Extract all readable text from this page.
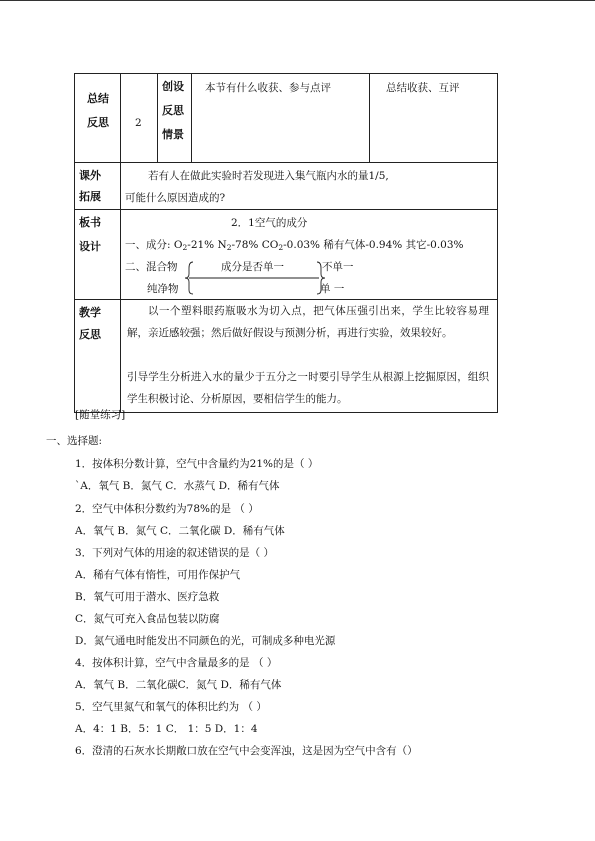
总结
反思 2
创设
反思
情景
本节有什么收获、参与点评	总结收获、互评
课外
拓展
若有人在做此实验时若发现进入集气瓶内水的量1/5,
可能什么原因造成的?
板书
设计
2．1空气的成分
一、成分: $O_2-21\%$ $N_2-78\%$ $CO_2-0.03\%$ 稀有气体-0.94% 其它-0.03%
二、混合物
纯净物
成分是否单一	不单一
单 一
教学
反思
以一个塑料眼药瓶吸水为切入点，把气体压强引出来，学生比较容易理解，亲近感较强；然后做好假设与预测分析，再进行实验，效果较好。
引导学生分析进入水的量少于五分之一时要引导学生从根源上挖掘原因，组织学生积极讨论、分析原因，要相信学生的能力。
[随堂练习]
一、选择题:
1．按体积分数计算，空气中含量约为21%的是（ ）
`A．氧气 B．氮气 C．水蒸气 D．稀有气体
2．空气中体积分数约为78%的是 （ ）
A．氧气 B．氮气 C．二氧化碳 D．稀有气体
3．下列对气体的用途的叙述错误的是（ ）
A．稀有气体有惰性，可用作保护气
B．氧气可用于潜水、医疗急救
C．氮气可充入食品包装以防腐
D．氮气通电时能发出不同颜色的光，可制成多种电光源
4．按体积计算，空气中含量最多的是 （ ）
A．氧气 B．二氧化碳C．氮气 D．稀有气体
5．空气里氮气和氧气的体积比约为 （ ）
A．4：1 B．5：1 C． 1：5 D．1：4
6．澄清的石灰水长期敞口放在空气中会变浑浊，这是因为空气中含有（）
